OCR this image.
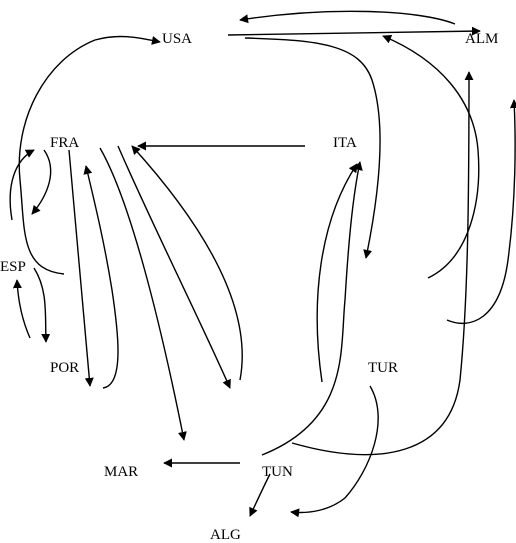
USA	ALM
FRA	ITA
ESP
POR	TUR
MAR	TUN
ALG
